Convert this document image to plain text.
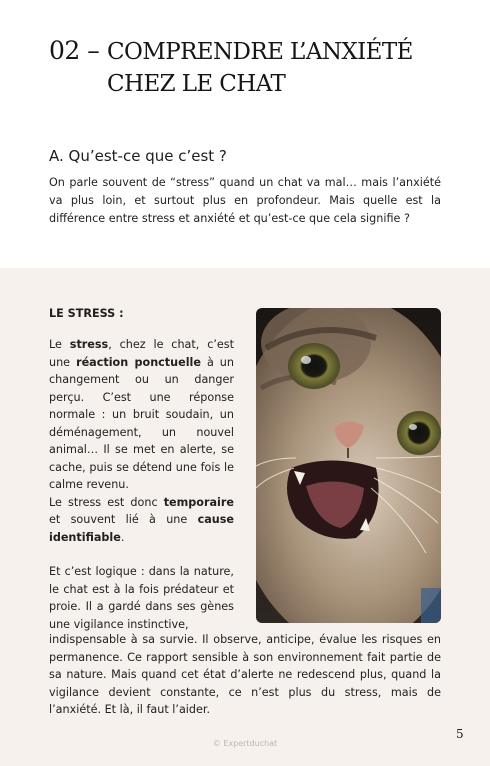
02 – COMPRENDRE L’ANXIÉTÉ
CHEZ LE CHAT
A. Qu’est-ce que c’est ?
On parle souvent de “stress” quand un chat va mal… mais l’anxiété va plus loin, et surtout plus en profondeur. Mais quelle est la différence entre stress et anxiété et qu’est-ce que cela signifie ?
LE STRESS :

Le stress, chez le chat, c’est une réaction ponctuelle à un changement ou un danger perçu. C’est une réponse normale : un bruit soudain, un déménagement, un nouvel animal… Il se met en alerte, se cache, puis se détend une fois le calme revenu.

Le stress est donc temporaire et souvent lié à une cause identifiable.

Et c’est logique : dans la nature, le chat est à la fois prédateur et proie. Il a gardé dans ses gènes une vigilance instinctive,

indispensable à sa survie. Il observe, anticipe, évalue les risques en permanence. Ce rapport sensible à son environnement fait partie de sa nature. Mais quand cet état d’alerte ne redescend plus, quand la vigilance devient constante, ce n’est plus du stress, mais de l’anxiété. Et là, il faut l’aider.
5
© Expertduchat
